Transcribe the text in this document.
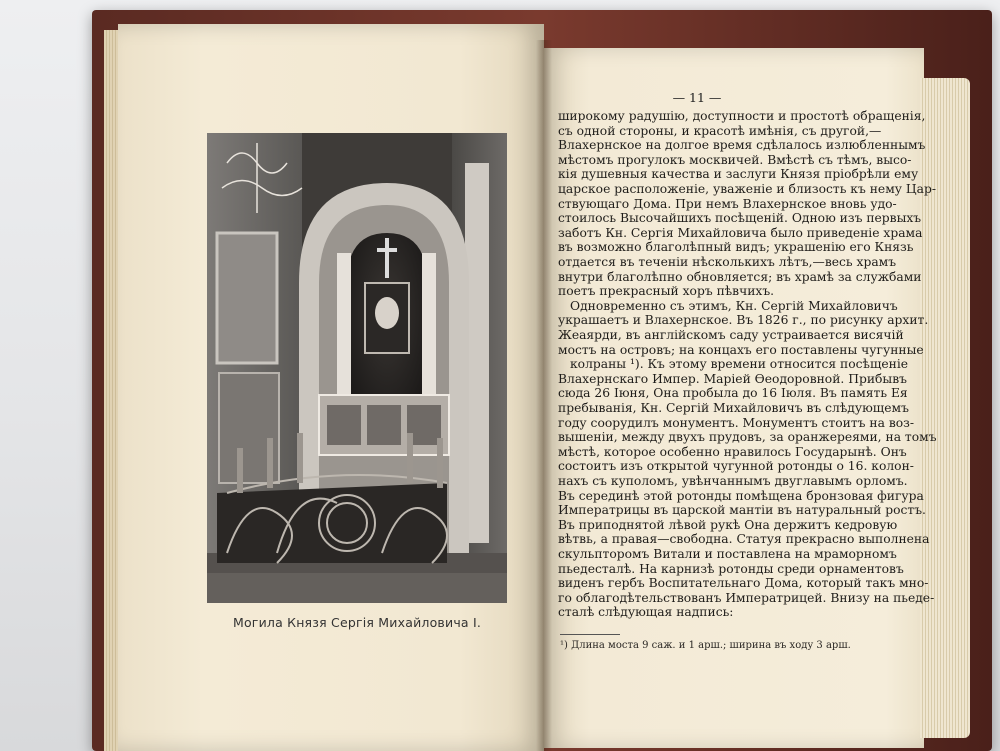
Могила Князя Сергія Михайловича I.
— 11 —
широкому радушію, доступности и простотѣ обращенія,
съ одной стороны, и красотѣ имѣнія, съ другой,—
Влахернское на долгое время сдѣлалось излюбленнымъ
мѣстомъ прогулокъ москвичей. Вмѣстѣ съ тѣмъ, высо-
кія душевныя качества и заслуги Князя пріобрѣли ему
царское расположеніе, уваженіе и близость къ нему Цар-
ствующаго Дома. При немъ Влахернское вновь удо-
стоилось Высочайшихъ посѣщеній. Одною изъ первыхъ
заботъ Кн. Сергія Михайловича было приведеніе храма
въ возможно благолѣпный видъ; украшенію его Князь
отдается въ теченіи нѣсколькихъ лѣтъ,—весь храмъ
внутри благолѣпно обновляется; въ храмѣ за службами
поетъ прекрасный хоръ пѣвчихъ.
Одновременно съ этимъ, Кн. Сергій Михайловичъ
украшаетъ и Влахернское. Въ 1826 г., по рисунку архит.
Жеаярди, въ англійскомъ саду устраивается висячій
мостъ на островъ; на концахъ его поставлены чугунные
колраны ¹). Къ этому времени относится посѣщеніе
Влахернскаго Импер. Маріей Ѳеодоровной. Прибывъ
сюда 26 Іюня, Она пробыла до 16 Іюля. Въ память Ея
пребыванія, Кн. Сергій Михайловичъ въ слѣдующемъ
году соорудилъ монументъ. Монументъ стоитъ на воз-
вышеніи, между двухъ прудовъ, за оранжереями, на томъ
мѣстѣ, которое особенно нравилось Государынѣ. Онъ
состоитъ изъ открытой чугунной ротонды о 16. колон-
нахъ съ куполомъ, увѣнчаннымъ двуглавымъ орломъ.
Въ серединѣ этой ротонды помѣщена бронзовая фигура
Императрицы въ царской мантіи въ натуральный ростъ.
Въ приподнятой лѣвой рукѣ Она держитъ кедровую
вѣтвь, а правая—свободна. Статуя прекрасно выполнена
скульпторомъ Витали и поставлена на мраморномъ
пьедесталѣ. На карнизѣ ротонды среди орнаментовъ
виденъ гербъ Воспитательнаго Дома, который такъ мно-
го облагодѣтельствованъ Императрицей. Внизу на пьеде-
сталѣ слѣдующая надпись:
¹) Длина моста 9 саж. и 1 арш.; ширина въ ходу 3 арш.
